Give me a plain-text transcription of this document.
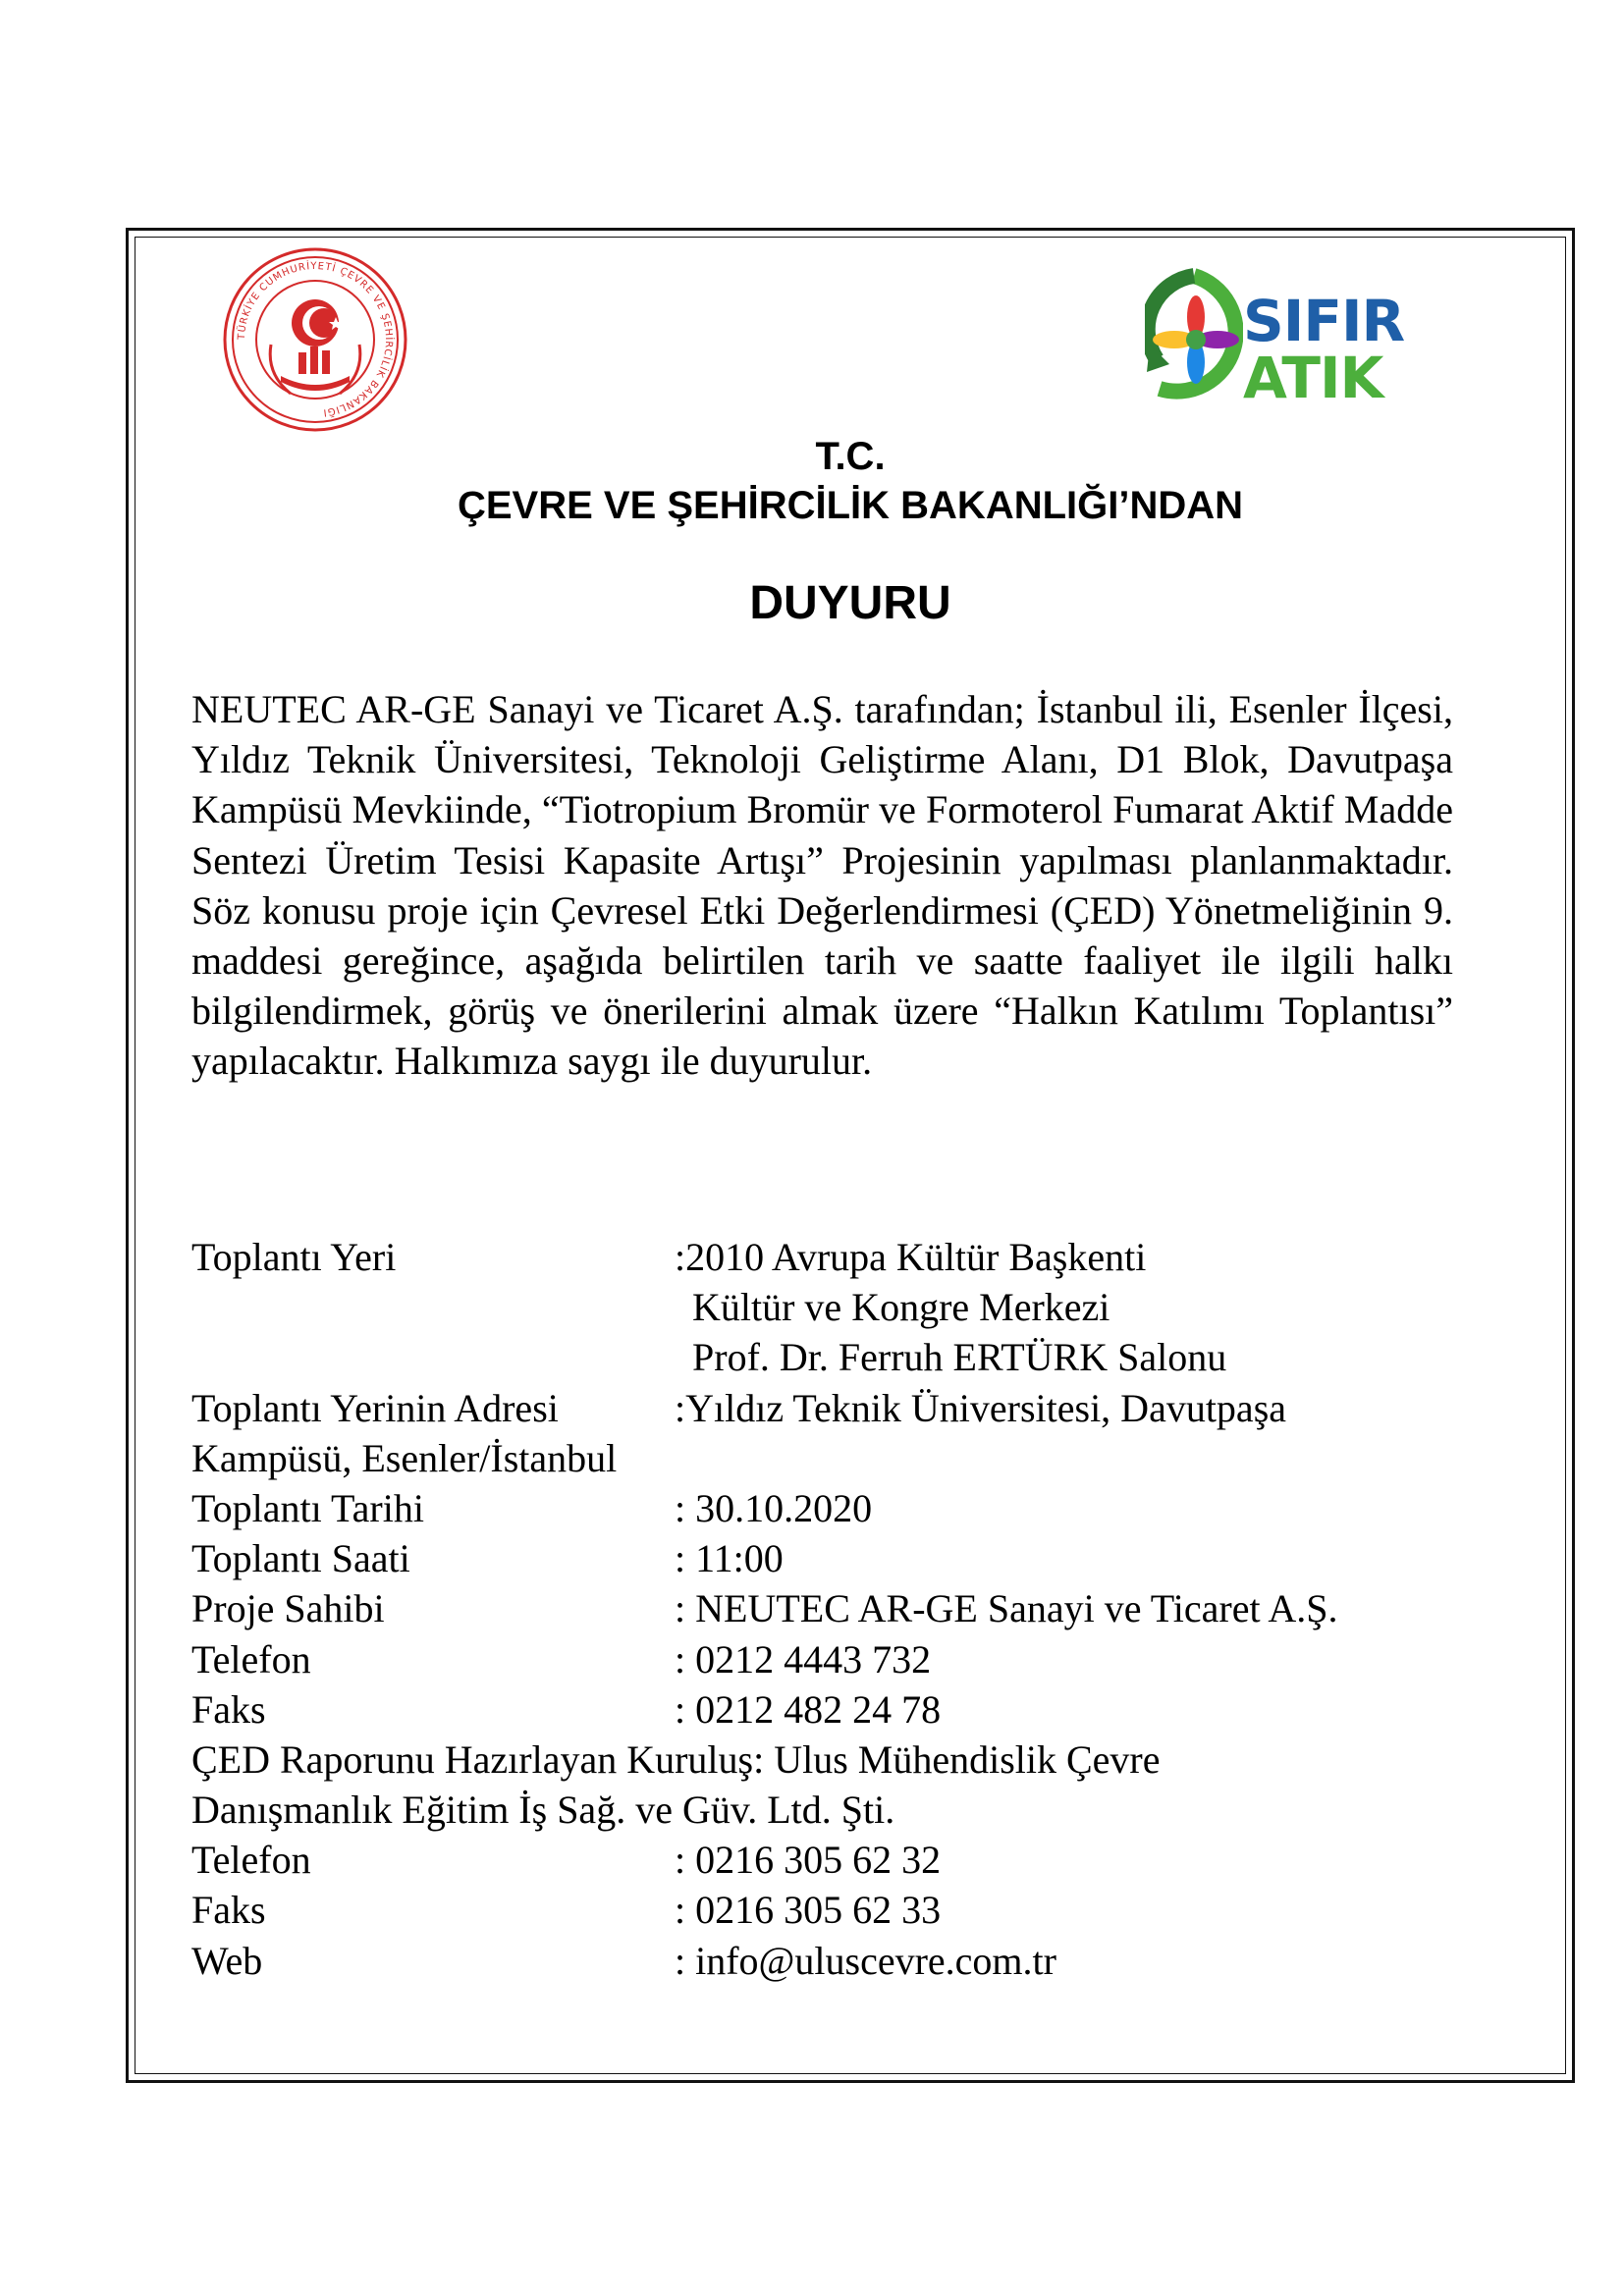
TÜRKİYE CUMHURİYETİ ÇEVRE VE ŞEHİRCİLİK BAKANLIĞI
SIFIR
ATIK
T.C.
ÇEVRE VE ŞEHİRCİLİK BAKANLIĞI’NDAN
DUYURU
NEUTEC AR-GE Sanayi ve Ticaret A.Ş. tarafından; İstanbul ili, Esenler İlçesi, Yıldız Teknik Üniversitesi, Teknoloji Geliştirme Alanı, D1 Blok, Davutpaşa Kampüsü Mevkiinde, “Tiotropium Bromür ve Formoterol Fumarat Aktif Madde Sentezi Üretim Tesisi Kapasite Artışı” Projesinin yapılması planlanmaktadır. Söz konusu proje için Çevresel Etki Değerlendirmesi (ÇED) Yönetmeliğinin 9. maddesi gereğince, aşağıda belirtilen tarih ve saatte faaliyet ile ilgili halkı bilgilendirmek, görüş ve önerilerini almak üzere “Halkın Katılımı Toplantısı” yapılacaktır. Halkımıza saygı ile duyurulur.
Toplantı Yeri	:2010 Avrupa Kültür Başkenti
Kültür ve Kongre Merkezi
Prof. Dr. Ferruh ERTÜRK Salonu
Toplantı Yerinin Adresi	:Yıldız Teknik Üniversitesi, Davutpaşa
Kampüsü, Esenler/İstanbul
Toplantı Tarihi	: 30.10.2020
Toplantı Saati	: 11:00
Proje Sahibi	: NEUTEC AR-GE Sanayi ve Ticaret A.Ş.
Telefon	: 0212 4443 732
Faks	: 0212 482 24 78
ÇED Raporunu Hazırlayan Kuruluş: Ulus Mühendislik Çevre
Danışmanlık Eğitim İş Sağ. ve Güv. Ltd. Şti.
Telefon	: 0216 305 62 32
Faks	: 0216 305 62 33
Web	: info@uluscevre.com.tr
